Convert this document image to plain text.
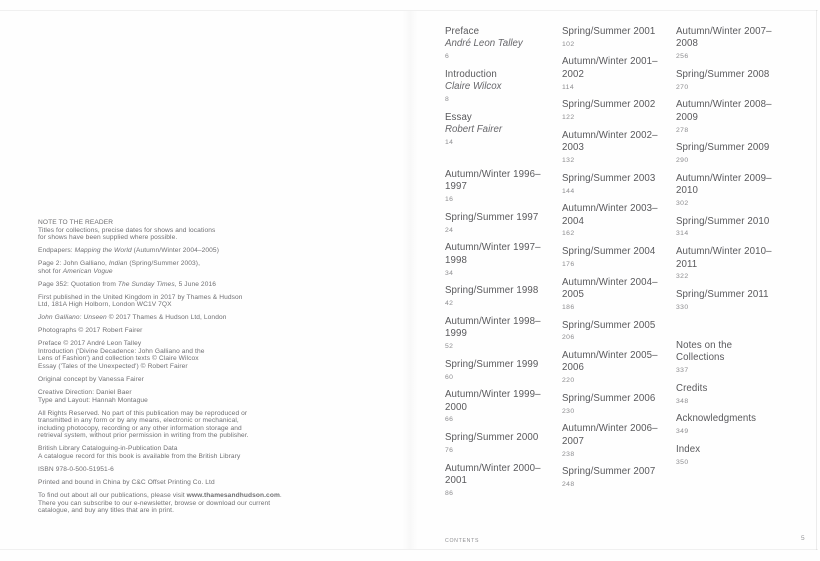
NOTE TO THE READER
Titles for collections, precise dates for shows and locations
for shows have been supplied where possible.
Endpapers: Mapping the World (Autumn/Winter 2004–2005)
Page 2: John Galliano, Indian (Spring/Summer 2003),
shot for American Vogue
Page 352: Quotation from The Sunday Times, 5 June 2016
First published in the United Kingdom in 2017 by Thames & Hudson
Ltd, 181A High Holborn, London WC1V 7QX
John Galliano: Unseen © 2017 Thames & Hudson Ltd, London
Photographs © 2017 Robert Fairer
Preface © 2017 André Leon Talley
Introduction ('Divine Decadence: John Galliano and the
Lens of Fashion') and collection texts © Claire Wilcox
Essay ('Tales of the Unexpected') © Robert Fairer
Original concept by Vanessa Fairer
Creative Direction: Daniel Baer
Type and Layout: Hannah Montague
All Rights Reserved. No part of this publication may be reproduced or
transmitted in any form or by any means, electronic or mechanical,
including photocopy, recording or any other information storage and
retrieval system, without prior permission in writing from the publisher.
British Library Cataloguing-in-Publication Data
A catalogue record for this book is available from the British Library
ISBN 978-0-500-51951-6
Printed and bound in China by C&C Offset Printing Co. Ltd
To find out about all our publications, please visit www.thamesandhudson.com.
There you can subscribe to our e-newsletter, browse or download our current
catalogue, and buy any titles that are in print.
Preface
André Leon Talley
6
Introduction
Claire Wilcox
8
Essay
Robert Fairer
14
Autumn/Winter 1996–1997
16
Spring/Summer 1997
24
Autumn/Winter 1997–1998
34
Spring/Summer 1998
42
Autumn/Winter 1998–1999
52
Spring/Summer 1999
60
Autumn/Winter 1999–2000
66
Spring/Summer 2000
76
Autumn/Winter 2000–2001
86
Spring/Summer 2001
102
Autumn/Winter 2001–2002
114
Spring/Summer 2002
122
Autumn/Winter 2002–2003
132
Spring/Summer 2003
144
Autumn/Winter 2003–2004
162
Spring/Summer 2004
176
Autumn/Winter 2004–2005
186
Spring/Summer 2005
206
Autumn/Winter 2005–2006
220
Spring/Summer 2006
230
Autumn/Winter 2006–2007
238
Spring/Summer 2007
248
Autumn/Winter 2007–2008
256
Spring/Summer 2008
270
Autumn/Winter 2008–2009
278
Spring/Summer 2009
290
Autumn/Winter 2009–2010
302
Spring/Summer 2010
314
Autumn/Winter 2010–2011
322
Spring/Summer 2011
330
Notes on the Collections
337
Credits
348
Acknowledgments
349
Index
350
CONTENTS	5
